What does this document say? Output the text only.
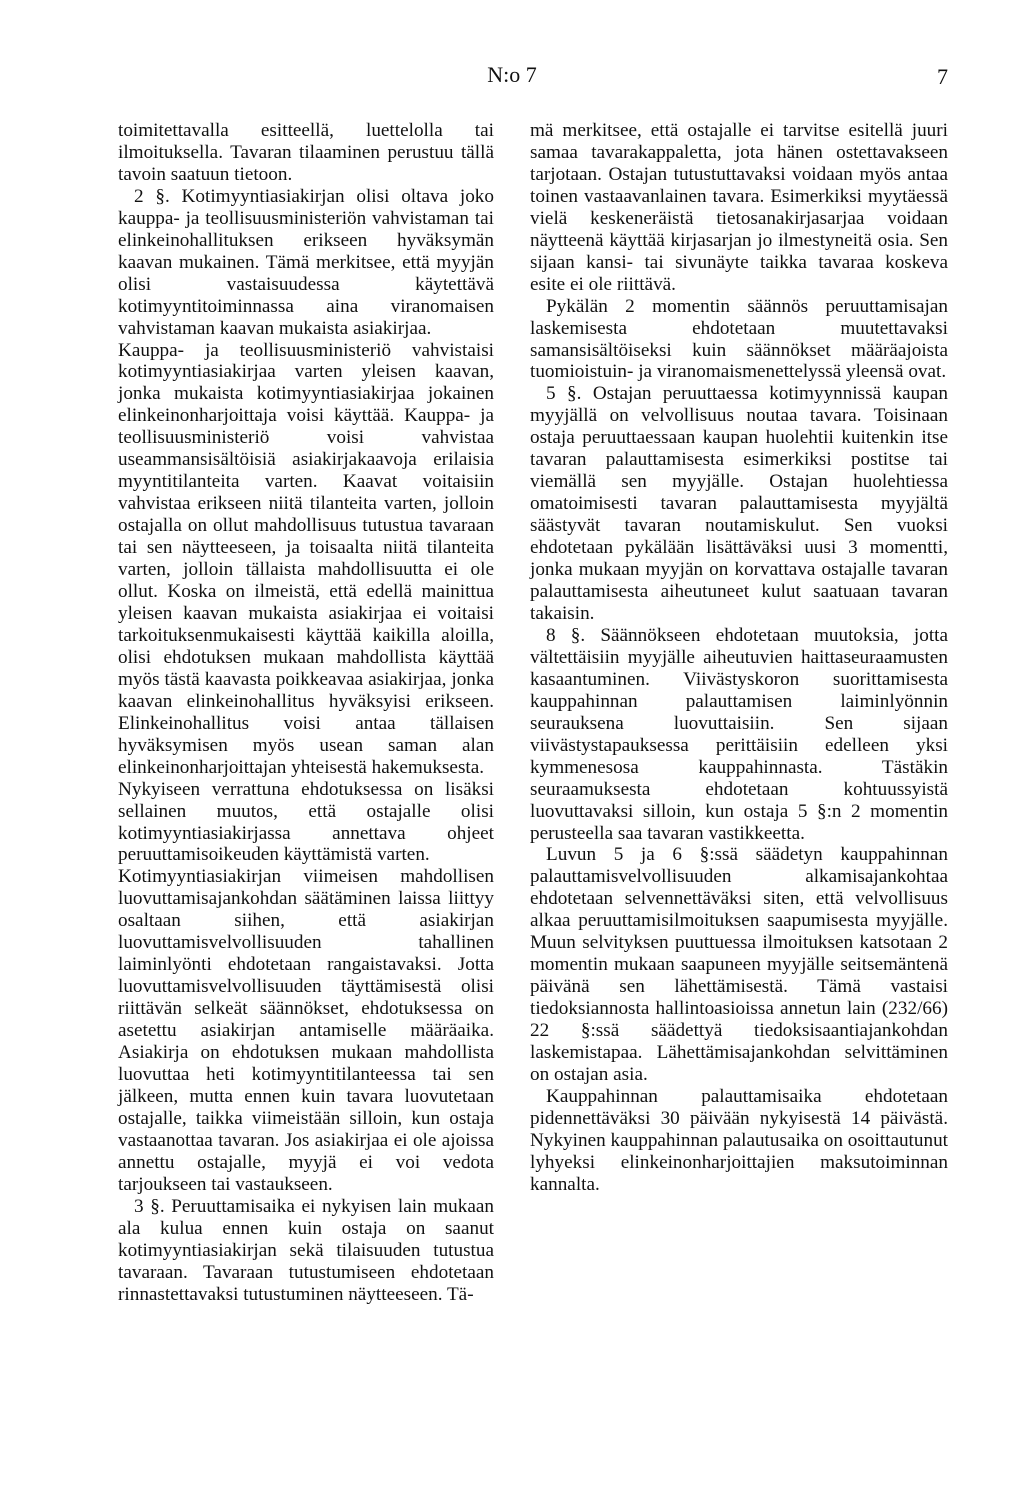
N:o 7	7

toimitettavalla esitteellä, luettelolla tai ilmoituksella. Tavaran tilaaminen perustuu tällä tavoin saatuun tietoon.

2 §. Kotimyyntiasiakirjan olisi oltava joko kauppa- ja teollisuusministeriön vahvistaman tai elinkeinohallituksen erikseen hyväksymän kaavan mukainen. Tämä merkitsee, että myyjän olisi vastaisuudessa käytettävä kotimyyntitoiminnassa aina viranomaisen vahvistaman kaavan mukaista asiakirjaa.

Kauppa- ja teollisuusministeriö vahvistaisi kotimyyntiasiakirjaa varten yleisen kaavan, jonka mukaista kotimyyntiasiakirjaa jokainen elinkeinonharjoittaja voisi käyttää. Kauppa- ja teollisuusministeriö voisi vahvistaa useammansisältöisiä asiakirjakaavoja erilaisia myyntitilanteita varten. Kaavat voitaisiin vahvistaa erikseen niitä tilanteita varten, jolloin ostajalla on ollut mahdollisuus tutustua tavaraan tai sen näytteeseen, ja toisaalta niitä tilanteita varten, jolloin tällaista mahdollisuutta ei ole ollut. Koska on ilmeistä, että edellä mainittua yleisen kaavan mukaista asiakirjaa ei voitaisi tarkoituksenmukaisesti käyttää kaikilla aloilla, olisi ehdotuksen mukaan mahdollista käyttää myös tästä kaavasta poikkeavaa asiakirjaa, jonka kaavan elinkeinohallitus hyväksyisi erikseen. Elinkeinohallitus voisi antaa tällaisen hyväksymisen myös usean saman alan elinkeinonharjoittajan yhteisestä hakemuksesta.

Nykyiseen verrattuna ehdotuksessa on lisäksi sellainen muutos, että ostajalle olisi kotimyyntiasiakirjassa annettava ohjeet peruuttamisoikeuden käyttämistä varten.

Kotimyyntiasiakirjan viimeisen mahdollisen luovuttamisajankohdan säätäminen laissa liittyy osaltaan siihen, että asiakirjan luovuttamisvelvollisuuden tahallinen laiminlyönti ehdotetaan rangaistavaksi. Jotta luovuttamisvelvollisuuden täyttämisestä olisi riittävän selkeät säännökset, ehdotuksessa on asetettu asiakirjan antamiselle määräaika. Asiakirja on ehdotuksen mukaan mahdollista luovuttaa heti kotimyyntitilanteessa tai sen jälkeen, mutta ennen kuin tavara luovutetaan ostajalle, taikka viimeistään silloin, kun ostaja vastaanottaa tavaran. Jos asiakirjaa ei ole ajoissa annettu ostajalle, myyjä ei voi vedota tarjoukseen tai vastaukseen.

3 §. Peruuttamisaika ei nykyisen lain mukaan ala kulua ennen kuin ostaja on saanut kotimyyntiasiakirjan sekä tilaisuuden tutustua tavaraan. Tavaraan tutustumiseen ehdotetaan rinnastettavaksi tutustuminen näytteeseen. Tä-

mä merkitsee, että ostajalle ei tarvitse esitellä juuri samaa tavarakappaletta, jota hänen ostettavakseen tarjotaan. Ostajan tutustuttavaksi voidaan myös antaa toinen vastaavanlainen tavara. Esimerkiksi myytäessä vielä keskeneräistä tietosanakirjasarjaa voidaan näytteenä käyttää kirjasarjan jo ilmestyneitä osia. Sen sijaan kansi- tai sivunäyte taikka tavaraa koskeva esite ei ole riittävä.

Pykälän 2 momentin säännös peruuttamisajan laskemisesta ehdotetaan muutettavaksi samansisältöiseksi kuin säännökset määräajoista tuomioistuin- ja viranomaismenettelyssä yleensä ovat.

5 §. Ostajan peruuttaessa kotimyynnissä kaupan myyjällä on velvollisuus noutaa tavara. Toisinaan ostaja peruuttaessaan kaupan huolehtii kuitenkin itse tavaran palauttamisesta esimerkiksi postitse tai viemällä sen myyjälle. Ostajan huolehtiessa omatoimisesti tavaran palauttamisesta myyjältä säästyvät tavaran noutamiskulut. Sen vuoksi ehdotetaan pykälään lisättäväksi uusi 3 momentti, jonka mukaan myyjän on korvattava ostajalle tavaran palauttamisesta aiheutuneet kulut saatuaan tavaran takaisin.

8 §. Säännökseen ehdotetaan muutoksia, jotta vältettäisiin myyjälle aiheutuvien haittaseuraamusten kasaantuminen. Viivästyskoron suorittamisesta kauppahinnan palauttamisen laiminlyönnin seurauksena luovuttaisiin. Sen sijaan viivästystapauksessa perittäisiin edelleen yksi kymmenesosa kauppahinnasta. Tästäkin seuraamuksesta ehdotetaan kohtuussyistä luovuttavaksi silloin, kun ostaja 5 §:n 2 momentin perusteella saa tavaran vastikkeetta.

Luvun 5 ja 6 §:ssä säädetyn kauppahinnan palauttamisvelvollisuuden alkamisajankohtaa ehdotetaan selvennettäväksi siten, että velvollisuus alkaa peruuttamisilmoituksen saapumisesta myyjälle. Muun selvityksen puuttuessa ilmoituksen katsotaan 2 momentin mukaan saapuneen myyjälle seitsemäntenä päivänä sen lähettämisestä. Tämä vastaisi tiedoksiannosta hallintoasioissa annetun lain (232/66) 22 §:ssä säädettyä tiedoksisaantiajankohdan laskemistapaa. Lähettämisajankohdan selvittäminen on ostajan asia.

Kauppahinnan palauttamisaika ehdotetaan pidennettäväksi 30 päivään nykyisestä 14 päivästä. Nykyinen kauppahinnan palautusaika on osoittautunut lyhyeksi elinkeinonharjoittajien maksutoiminnan kannalta.
